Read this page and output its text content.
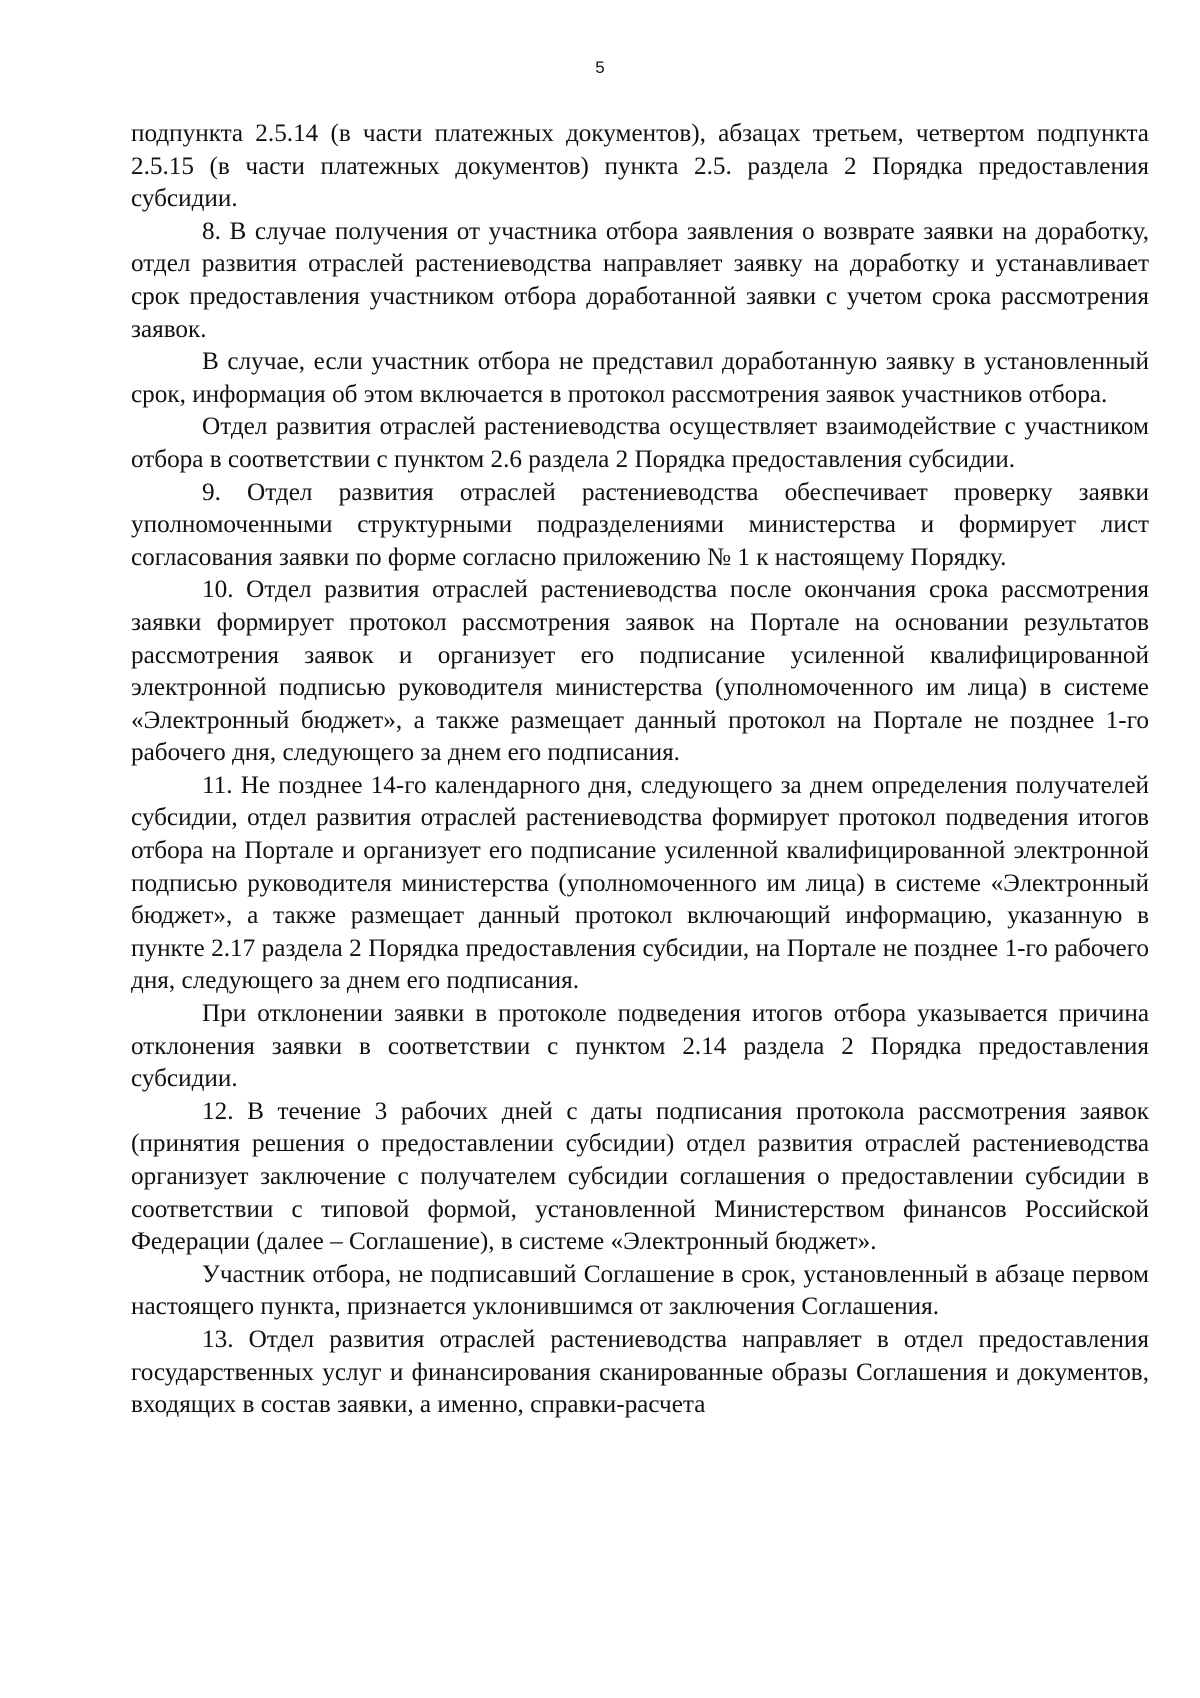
5

подпункта 2.5.14 (в части платежных документов), абзацах третьем, четвертом подпункта 2.5.15 (в части платежных документов) пункта 2.5. раздела 2 Порядка предоставления субсидии.

8. В случае получения от участника отбора заявления о возврате заявки на доработку, отдел развития отраслей растениеводства направляет заявку на доработку и устанавливает срок предоставления участником отбора доработанной заявки с учетом срока рассмотрения заявок.

В случае, если участник отбора не представил доработанную заявку в установленный срок, информация об этом включается в протокол рассмотрения заявок участников отбора.

Отдел развития отраслей растениеводства осуществляет взаимодействие с участником отбора в соответствии с пунктом 2.6 раздела 2 Порядка предоставления субсидии.

9. Отдел развития отраслей растениеводства обеспечивает проверку заявки уполномоченными структурными подразделениями министерства и формирует лист согласования заявки по форме согласно приложению № 1 к настоящему Порядку.

10. Отдел развития отраслей растениеводства после окончания срока рассмотрения заявки формирует протокол рассмотрения заявок на Портале на основании результатов рассмотрения заявок и организует его подписание усиленной квалифицированной электронной подписью руководителя министерства (уполномоченного им лица) в системе «Электронный бюджет», а также размещает данный протокол на Портале не позднее 1-го рабочего дня, следующего за днем его подписания.

11. Не позднее 14-го календарного дня, следующего за днем определения получателей субсидии, отдел развития отраслей растениеводства формирует протокол подведения итогов отбора на Портале и организует его подписание усиленной квалифицированной электронной подписью руководителя министерства (уполномоченного им лица) в системе «Электронный бюджет», а также размещает данный протокол включающий информацию, указанную в пункте 2.17 раздела 2 Порядка предоставления субсидии, на Портале не позднее 1-го рабочего дня, следующего за днем его подписания.

При отклонении заявки в протоколе подведения итогов отбора указывается причина отклонения заявки в соответствии с пунктом 2.14 раздела 2 Порядка предоставления субсидии.

12. В течение 3 рабочих дней с даты подписания протокола рассмотрения заявок (принятия решения о предоставлении субсидии) отдел развития отраслей растениеводства организует заключение с получателем субсидии соглашения о предоставлении субсидии в соответствии с типовой формой, установленной Министерством финансов Российской Федерации (далее – Соглашение), в системе «Электронный бюджет».

Участник отбора, не подписавший Соглашение в срок, установленный в абзаце первом настоящего пункта, признается уклонившимся от заключения Соглашения.

13. Отдел развития отраслей растениеводства направляет в отдел предоставления государственных услуг и финансирования сканированные образы Соглашения и документов, входящих в состав заявки, а именно, справки-расчета
